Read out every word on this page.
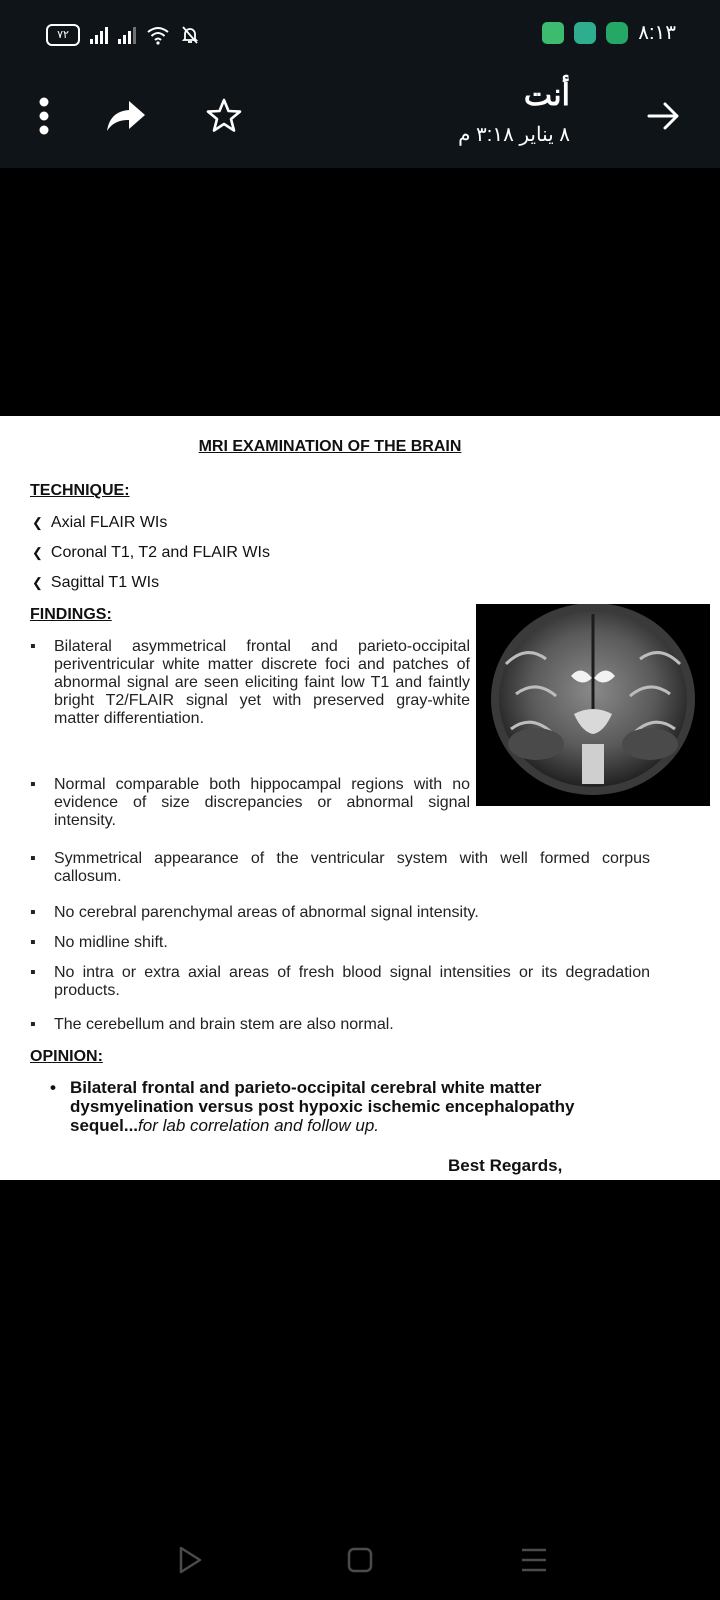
٧٢	٨:١٣
أنت
٨ يناير ٣:١٨ م
MRI EXAMINATION OF THE BRAIN
TECHNIQUE:
❮ Axial FLAIR WIs
❮ Coronal T1, T2 and FLAIR WIs
❮ Sagittal T1 WIs
FINDINGS:
▪ Bilateral asymmetrical frontal and parieto-occipital periventricular white matter discrete foci and patches of abnormal signal are seen eliciting faint low T1 and faintly bright T2/FLAIR signal yet with preserved gray-white matter differentiation.
▪ Normal comparable both hippocampal regions with no evidence of size discrepancies or abnormal signal intensity.
▪ Symmetrical appearance of the ventricular system with well formed corpus callosum.
▪ No cerebral parenchymal areas of abnormal signal intensity.
▪ No midline shift.
▪ No intra or extra axial areas of fresh blood signal intensities or its degradation products.
▪ The cerebellum and brain stem are also normal.
OPINION:
• Bilateral frontal and parieto-occipital cerebral white matter dysmyelination versus post hypoxic ischemic encephalopathy sequel...for lab correlation and follow up.
Best Regards,
